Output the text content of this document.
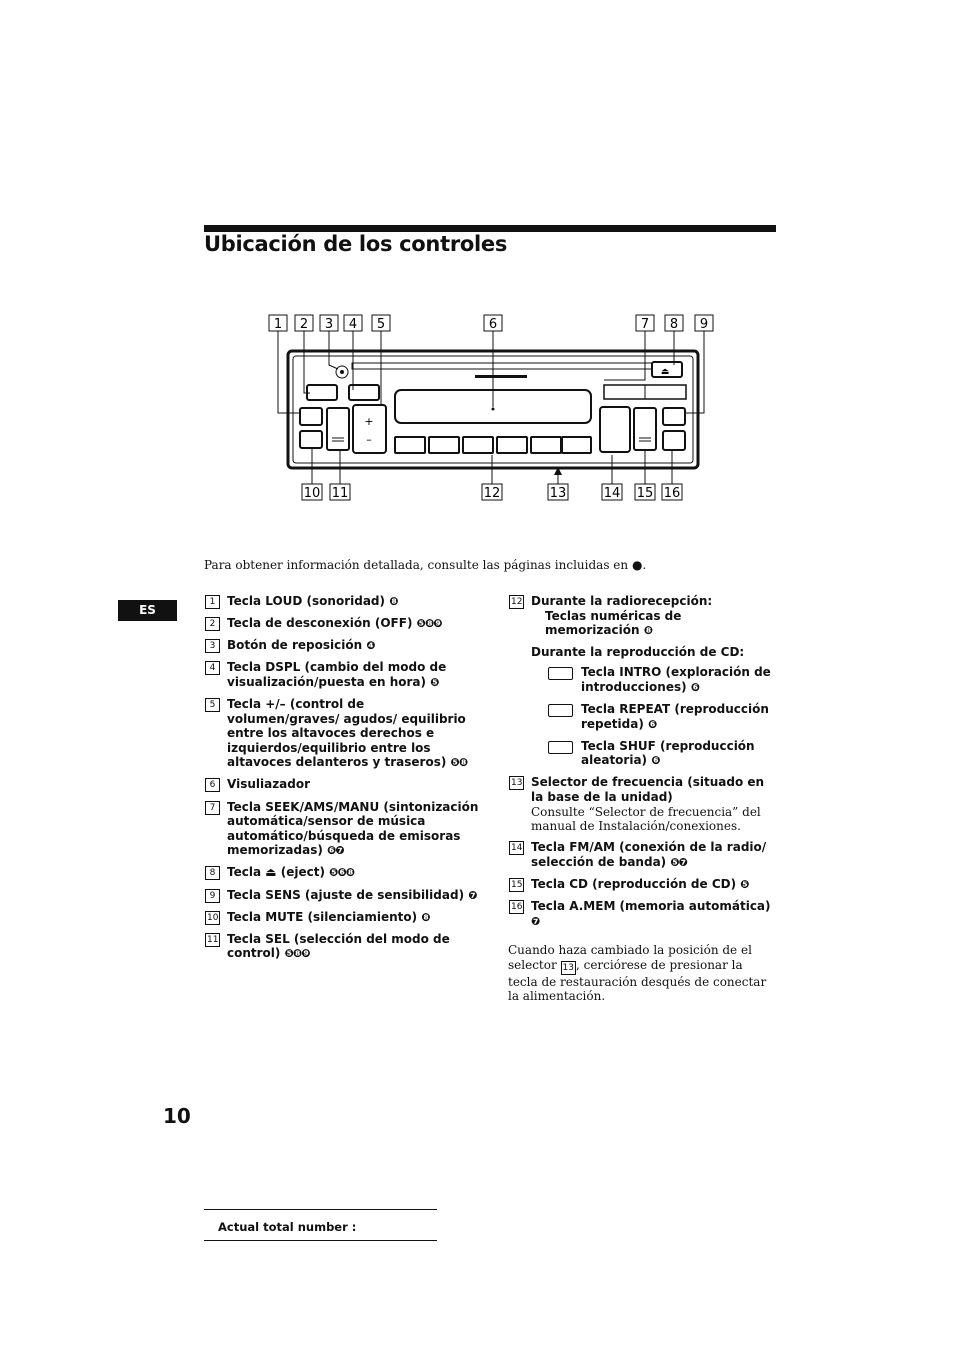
Ubicación de los controles
1 2 3 4 5	6	7 8 9
10 11	12	13	14 15 16
+
–
⏏
Para obtener información detallada, consulte las páginas incluidas en ●.
ES
1 Tecla LOUD (sonoridad) ❽
2 Tecla de desconexión (OFF) ❺❽❾
3 Botón de reposición ❹
4 Tecla DSPL (cambio del modo de visualización/puesta en hora) ❺
5 Tecla +/– (control de volumen/graves/ agudos/ equilibrio entre los altavoces derechos e izquierdos/equilibrio entre los altavoces delanteros y traseros) ❺❽
6 Visuliazador
7 Tecla SEEK/AMS/MANU (sintonización automática/sensor de música automático/búsqueda de emisoras memorizadas) ❻❼
8 Tecla ⏏ (eject) ❺❻❽
9 Tecla SENS (ajuste de sensibilidad) ❼
10 Tecla MUTE (silenciamiento) ❽
11 Tecla SEL (selección del modo de control) ❺❽❾
12 Durante la radiorecepción:
Teclas numéricas de memorización ❽
Durante la reproducción de CD:
Tecla INTRO (exploración de introducciones) ❻
Tecla REPEAT (reproducción repetida) ❻
Tecla SHUF (reproducción aleatoria) ❻
13 Selector de frecuencia (situado en la base de la unidad)
Consulte “Selector de frecuencia” del manual de Instalación/conexiones.
14 Tecla FM/AM (conexión de la radio/ selección de banda) ❺❼
15 Tecla CD (reproducción de CD) ❺
16 Tecla A.MEM (memoria automática) ❼
Cuando haza cambiado la posición de el selector 13 , cerciórese de presionar la tecla de restauración desqués de conectar la alimentación.
10
Actual total number :
